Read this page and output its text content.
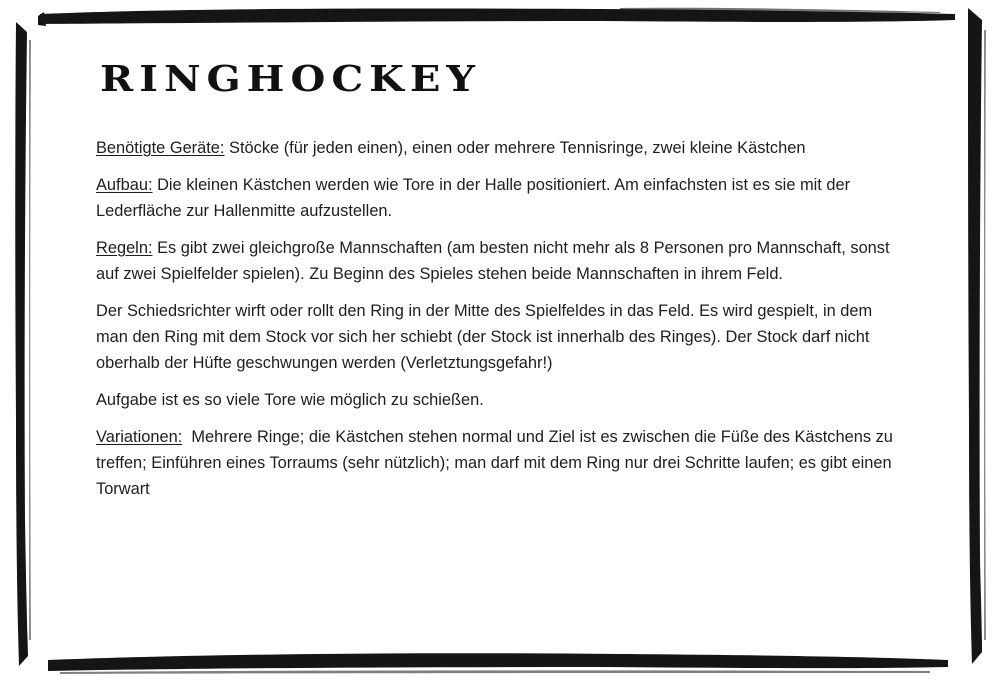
RINGHOCKEY

Benötigte Geräte: Stöcke (für jeden einen), einen oder mehrere Tennisringe, zwei kleine Kästchen

Aufbau: Die kleinen Kästchen werden wie Tore in der Halle positioniert. Am einfachsten ist es sie mit der Lederfläche zur Hallenmitte aufzustellen.

Regeln: Es gibt zwei gleichgroße Mannschaften (am besten nicht mehr als 8 Personen pro Mannschaft, sonst auf zwei Spielfelder spielen). Zu Beginn des Spieles stehen beide Mannschaften in ihrem Feld.

Der Schiedsrichter wirft oder rollt den Ring in der Mitte des Spielfeldes in das Feld. Es wird gespielt, in dem man den Ring mit dem Stock vor sich her schiebt (der Stock ist innerhalb des Ringes). Der Stock darf nicht oberhalb der Hüfte geschwungen werden (Verletztungsgefahr!)

Aufgabe ist es so viele Tore wie möglich zu schießen.

Variationen: Mehrere Ringe; die Kästchen stehen normal und Ziel ist es zwischen die Füße des Kästchens zu treffen; Einführen eines Torraums (sehr nützlich); man darf mit dem Ring nur drei Schritte laufen; es gibt einen Torwart
